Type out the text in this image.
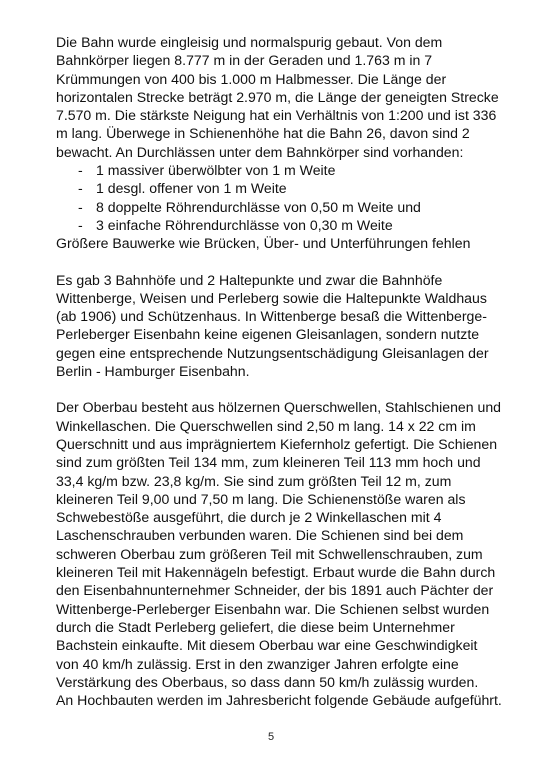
Die Bahn wurde eingleisig und normalspurig gebaut. Von dem
Bahnkörper liegen 8.777 m in der Geraden und 1.763 m in 7
Krümmungen von 400 bis 1.000 m Halbmesser. Die Länge der
horizontalen Strecke beträgt 2.970 m, die Länge der geneigten Strecke
7.570 m. Die stärkste Neigung hat ein Verhältnis von 1:200 und ist 336
m lang. Überwege in Schienenhöhe hat die Bahn 26, davon sind 2
bewacht. An Durchlässen unter dem Bahnkörper sind vorhanden:
- 1 massiver überwölbter von 1 m Weite
- 1 desgl. offener von 1 m Weite
- 8 doppelte Röhrendurchlässe von 0,50 m Weite und
- 3 einfache Röhrendurchlässe von 0,30 m Weite
Größere Bauwerke wie Brücken, Über- und Unterführungen fehlen
Es gab 3 Bahnhöfe und 2 Haltepunkte und zwar die Bahnhöfe
Wittenberge, Weisen und Perleberg sowie die Haltepunkte Waldhaus
(ab 1906) und Schützenhaus. In Wittenberge besaß die Wittenberge-
Perleberger Eisenbahn keine eigenen Gleisanlagen, sondern nutzte
gegen eine entsprechende Nutzungsentschädigung Gleisanlagen der
Berlin - Hamburger Eisenbahn.
Der Oberbau besteht aus hölzernen Querschwellen, Stahlschienen und
Winkellaschen. Die Querschwellen sind 2,50 m lang. 14 x 22 cm im
Querschnitt und aus imprägniertem Kiefernholz gefertigt. Die Schienen
sind zum größten Teil 134 mm, zum kleineren Teil 113 mm hoch und
33,4 kg/m bzw. 23,8 kg/m. Sie sind zum größten Teil 12 m, zum
kleineren Teil 9,00 und 7,50 m lang. Die Schienenstöße waren als
Schwebestöße ausgeführt, die durch je 2 Winkellaschen mit 4
Laschenschrauben verbunden waren. Die Schienen sind bei dem
schweren Oberbau zum größeren Teil mit Schwellenschrauben, zum
kleineren Teil mit Hakennägeln befestigt. Erbaut wurde die Bahn durch
den Eisenbahnunternehmer Schneider, der bis 1891 auch Pächter der
Wittenberge-Perleberger Eisenbahn war. Die Schienen selbst wurden
durch die Stadt Perleberg geliefert, die diese beim Unternehmer
Bachstein einkaufte. Mit diesem Oberbau war eine Geschwindigkeit
von 40 km/h zulässig. Erst in den zwanziger Jahren erfolgte eine
Verstärkung des Oberbaus, so dass dann 50 km/h zulässig wurden.
An Hochbauten werden im Jahresbericht folgende Gebäude aufgeführt.
5
